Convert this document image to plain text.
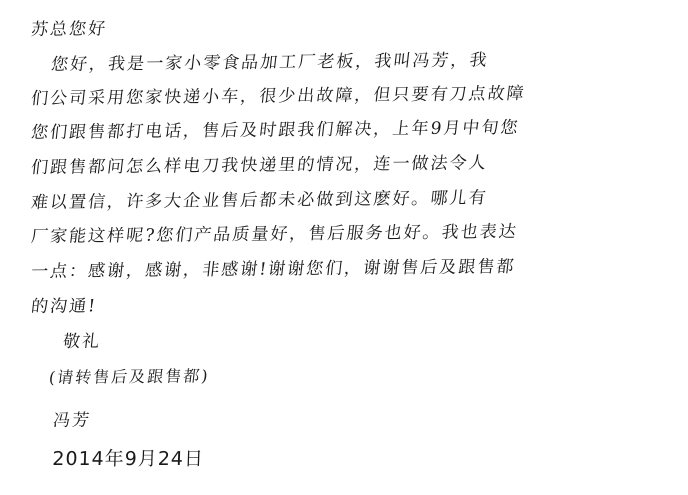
苏总您好
您好，我是一家小零食品加工厂老板，我叫冯芳，我
们公司采用您家快递小车，很少出故障，但只要有刀点故障
您们跟售都打电话，售后及时跟我们解决，上年9月中旬您
们跟售都问怎么样电刀我快递里的情况，连一做法令人
难以置信，许多大企业售后都未必做到这麽好。哪儿有
厂家能这样呢?您们产品质量好，售后服务也好。我也表达
一点：感谢，感谢，非感谢!谢谢您们，谢谢售后及跟售都
的沟通!
敬礼
(请转售后及跟售都)
冯芳
2014年9月24日
